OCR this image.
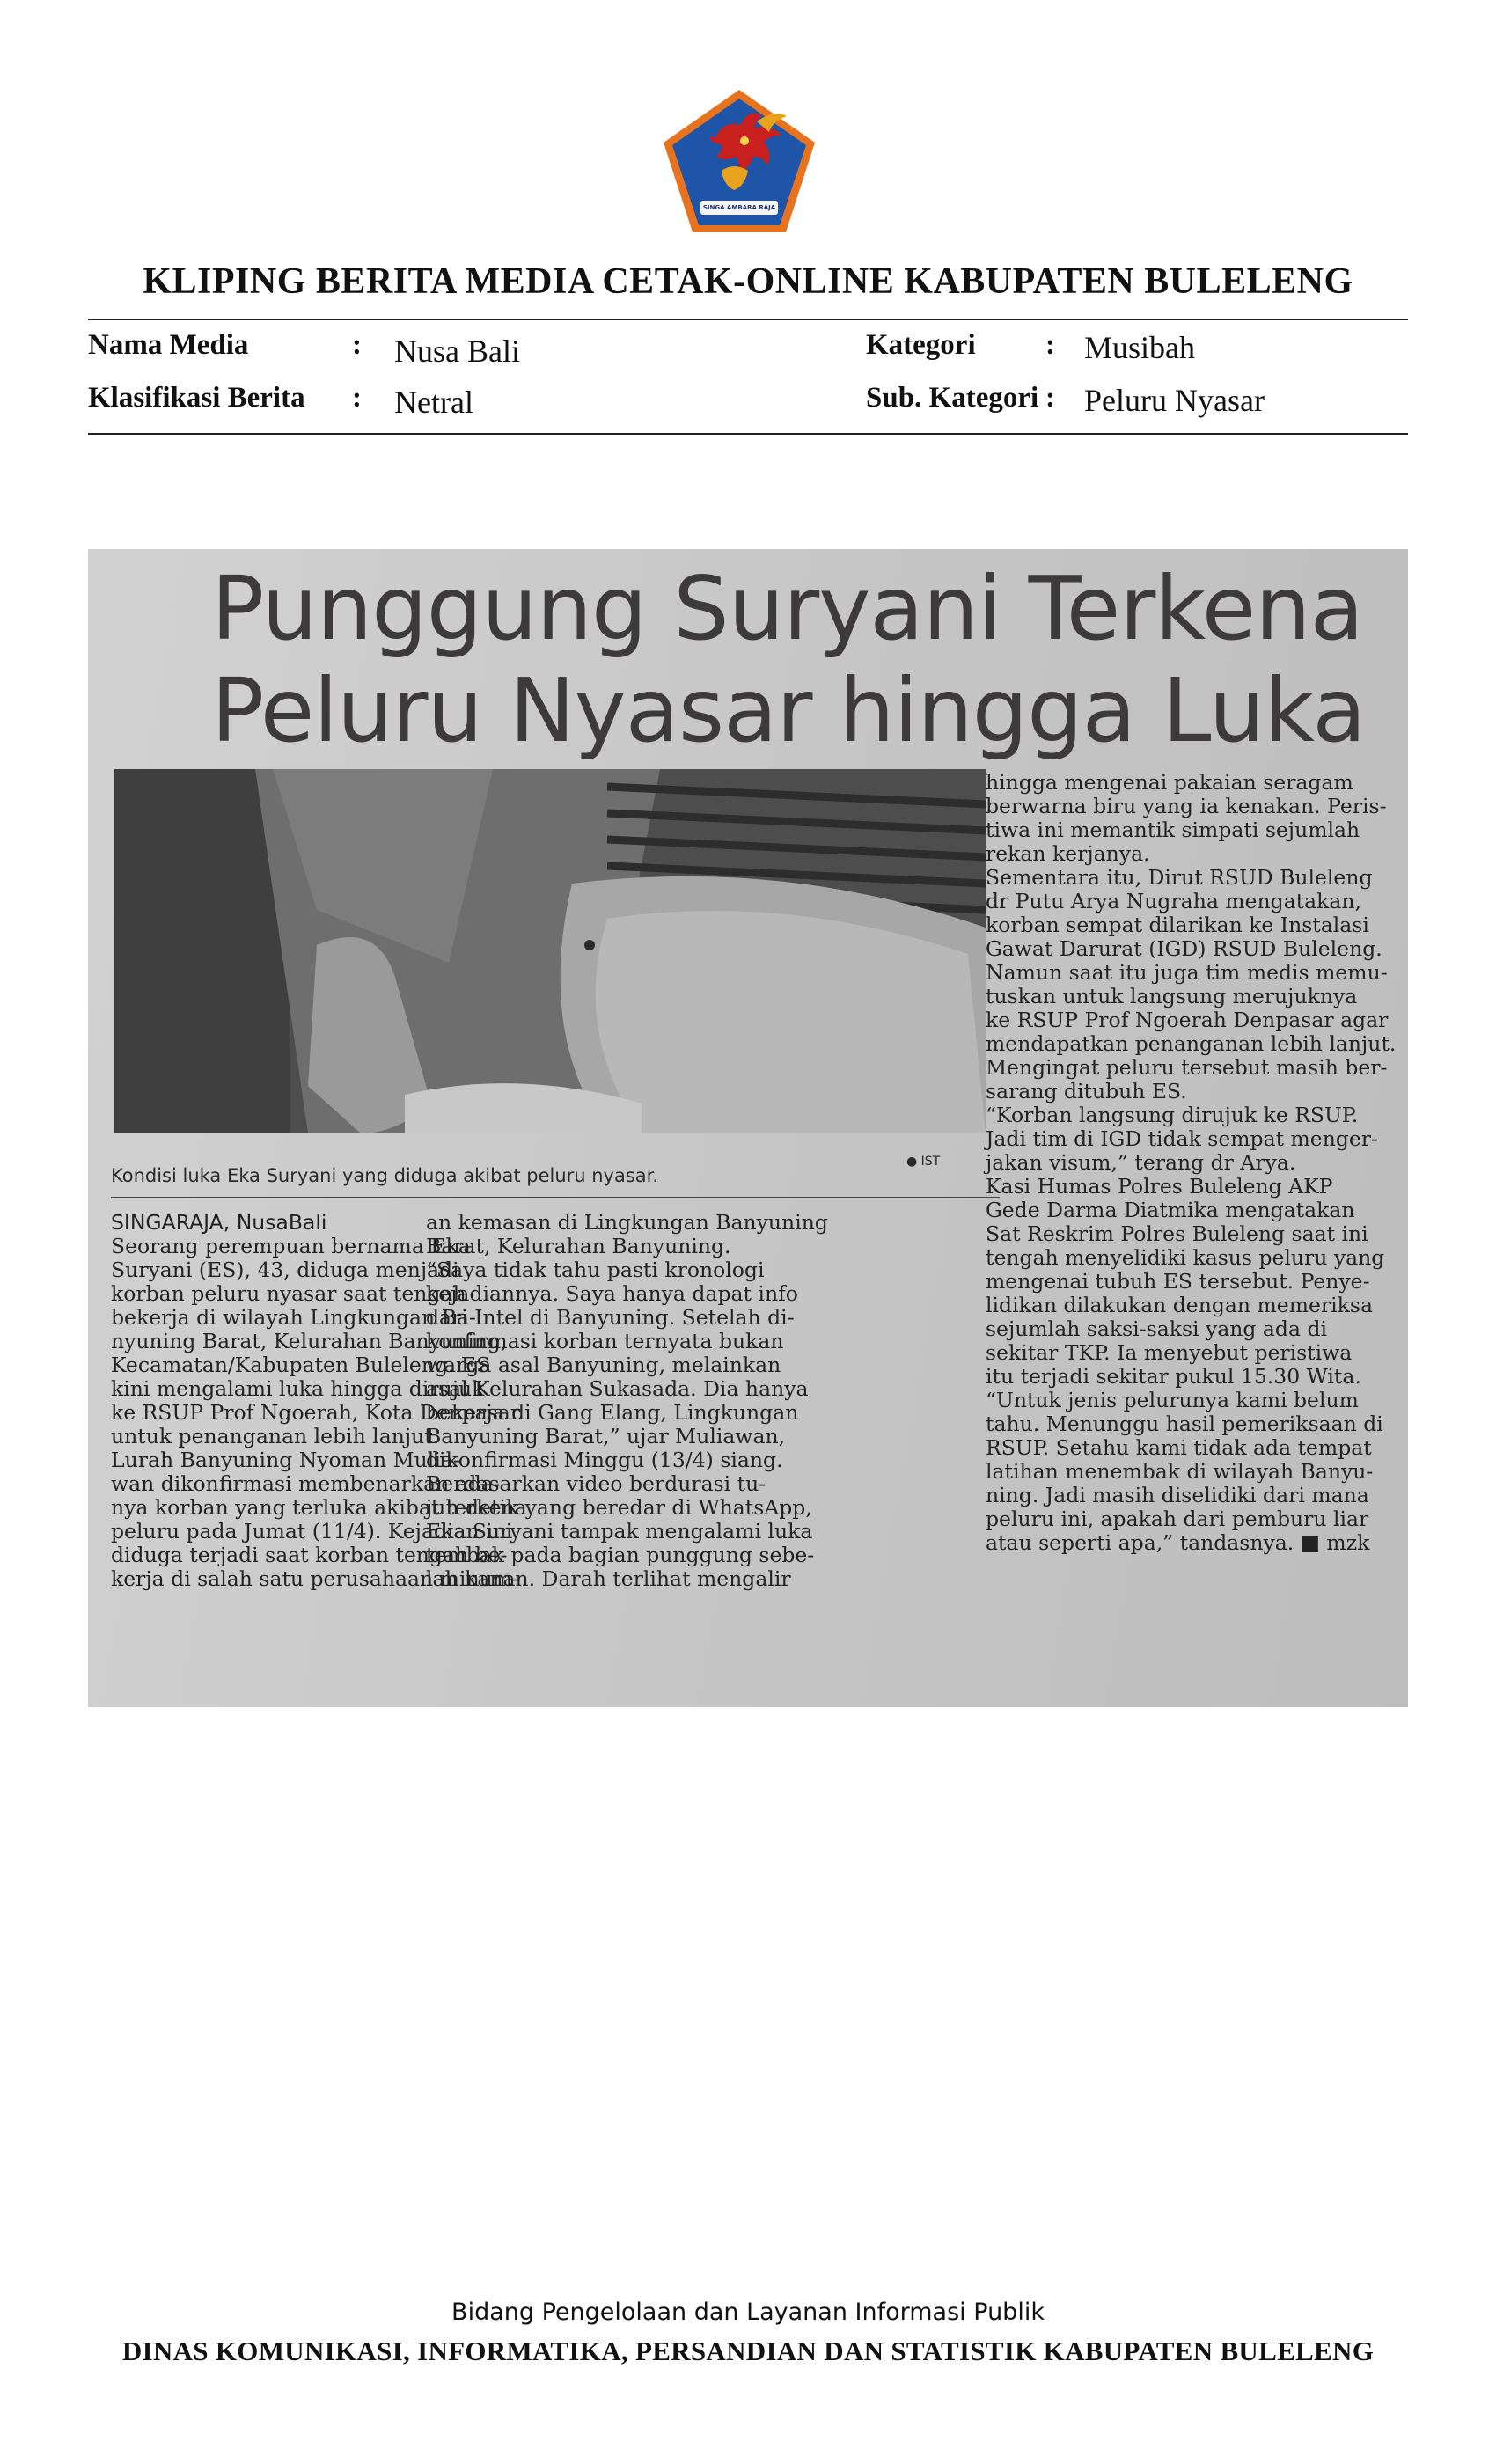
SINGA AMBARA RAJA
KLIPING BERITA MEDIA CETAK-ONLINE KABUPATEN BULELENG
Nama Media	: Nusa Bali
Klasifikasi Berita : Netral
Kategori : Musibah
Sub. Kategori : Peluru Nyasar
Punggung Suryani Terkena
Peluru Nyasar hingga Luka
Kondisi luka Eka Suryani yang diduga akibat peluru nyasar.
● IST
SINGARAJA, NusaBali
Seorang perempuan bernama Eka
Suryani (ES), 43, diduga menjadi
korban peluru nyasar saat tengah
bekerja di wilayah Lingkungan Ba-
nyuning Barat, Kelurahan Banyuning,
Kecamatan/Kabupaten Buleleng. ES
kini mengalami luka hingga dirujuk
ke RSUP Prof Ngoerah, Kota Denpasar
untuk penanganan lebih lanjut.
Lurah Banyuning Nyoman Mulia-
wan dikonfirmasi membenarkan ada-
nya korban yang terluka akibat terkena
peluru pada Jumat (11/4). Kejadian ini
diduga terjadi saat korban tengah be-
kerja di salah satu perusahaan minum-
an kemasan di Lingkungan Banyuning
Barat, Kelurahan Banyuning.
“Saya tidak tahu pasti kronologi
kejadiannya. Saya hanya dapat info
dari Intel di Banyuning. Setelah di-
konfirmasi korban ternyata bukan
warga asal Banyuning, melainkan
asal Kelurahan Sukasada. Dia hanya
bekerja di Gang Elang, Lingkungan
Banyuning Barat,” ujar Muliawan,
dikonfirmasi Minggu (13/4) siang.
Berdasarkan video berdurasi tu-
juh detik yang beredar di WhatsApp,
Eka Suryani tampak mengalami luka
tembak pada bagian punggung sebe-
lah kanan. Darah terlihat mengalir
hingga mengenai pakaian seragam
berwarna biru yang ia kenakan. Peris-
tiwa ini memantik simpati sejumlah
rekan kerjanya.
Sementara itu, Dirut RSUD Buleleng
dr Putu Arya Nugraha mengatakan,
korban sempat dilarikan ke Instalasi
Gawat Darurat (IGD) RSUD Buleleng.
Namun saat itu juga tim medis memu-
tuskan untuk langsung merujuknya
ke RSUP Prof Ngoerah Denpasar agar
mendapatkan penanganan lebih lanjut.
Mengingat peluru tersebut masih ber-
sarang ditubuh ES.
“Korban langsung dirujuk ke RSUP.
Jadi tim di IGD tidak sempat menger-
jakan visum,” terang dr Arya.
Kasi Humas Polres Buleleng AKP
Gede Darma Diatmika mengatakan
Sat Reskrim Polres Buleleng saat ini
tengah menyelidiki kasus peluru yang
mengenai tubuh ES tersebut. Penye-
lidikan dilakukan dengan memeriksa
sejumlah saksi-saksi yang ada di
sekitar TKP. Ia menyebut peristiwa
itu terjadi sekitar pukul 15.30 Wita.
“Untuk jenis pelurunya kami belum
tahu. Menunggu hasil pemeriksaan di
RSUP. Setahu kami tidak ada tempat
latihan menembak di wilayah Banyu-
ning. Jadi masih diselidiki dari mana
peluru ini, apakah dari pemburu liar
atau seperti apa,” tandasnya. ■ mzk
Bidang Pengelolaan dan Layanan Informasi Publik
DINAS KOMUNIKASI, INFORMATIKA, PERSANDIAN DAN STATISTIK KABUPATEN BULELENG
